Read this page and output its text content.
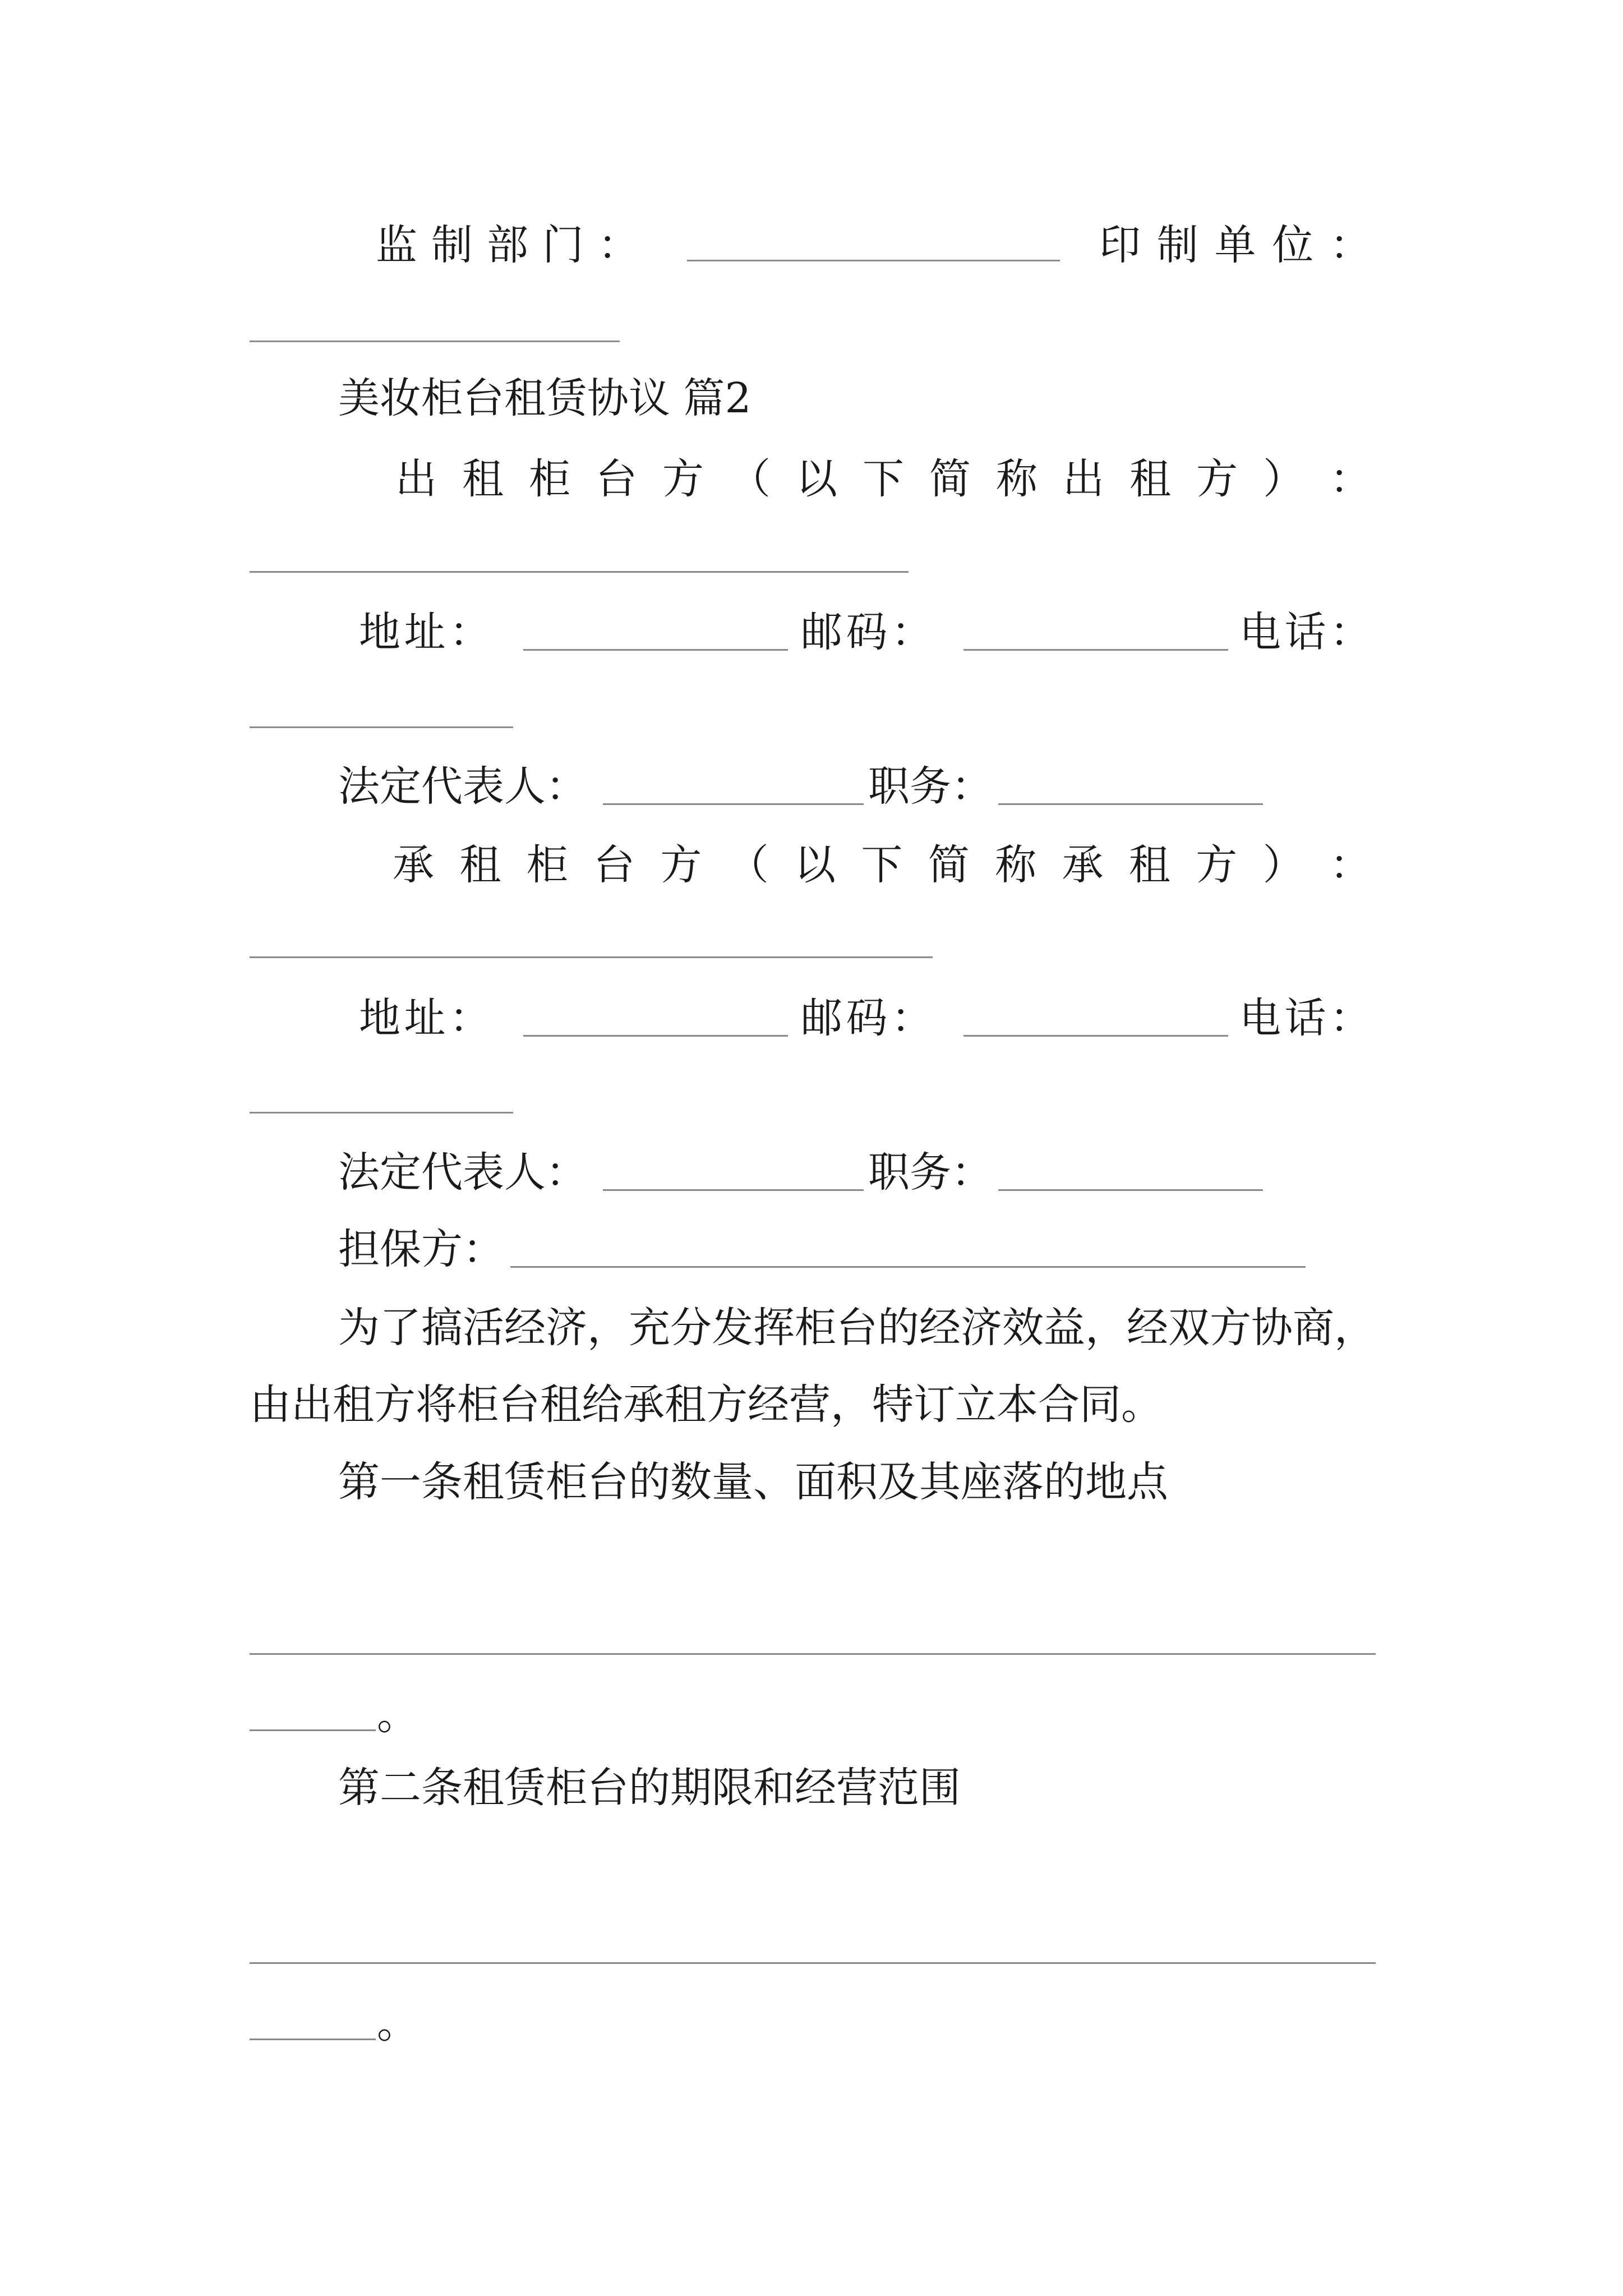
监 制 部 门 ：	印 制 单 位 ：
美妆柜台租赁协议 篇2
出 租 柜 台 方 （ 以 下 简 称 出 租 方 ） ：
地 址 ：	邮 码 ：	电 话 ：
法定代表人：	职务：
承 租 柜 台 方 （ 以 下 简 称 承 租 方 ） ：
地 址 ：	邮 码 ：	电 话 ：
法定代表人：	职务：
担保方：
为了搞活经济，充分发挥柜台的经济效益，经双方协商，
由出租方将柜台租给承租方经营，特订立本合同。
第一条租赁柜台的数量、面积及其座落的地点
。
第二条租赁柜台的期限和经营范围
。
